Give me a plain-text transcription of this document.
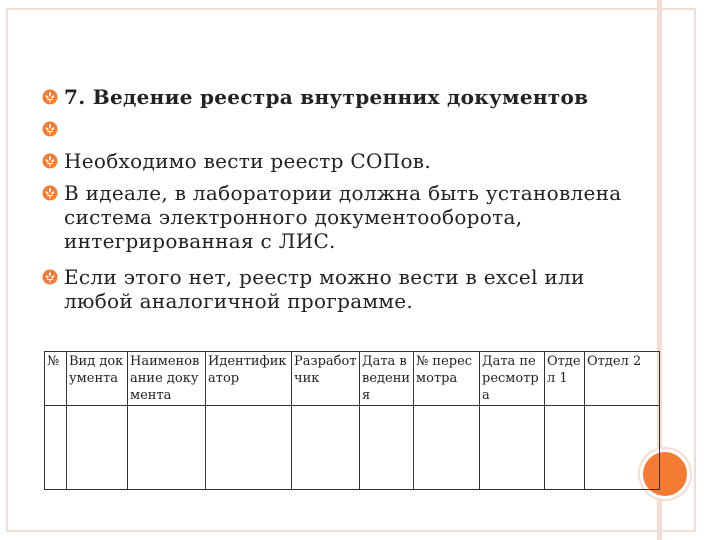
7. Ведение реестра внутренних документов
Необходимо вести реестр СОПов.
В идеале, в лаборатории должна быть установлена
система электронного документооборота,
интегрированная с ЛИС.
Если этого нет, реестр можно вести в excel или
любой аналогичной программе.
№	Вид документа	Наименование документа	Идентификатор	Разработчик	Дата введения	№ пересмотра	Дата пересмотра	Отдел 1	Отдел 2
